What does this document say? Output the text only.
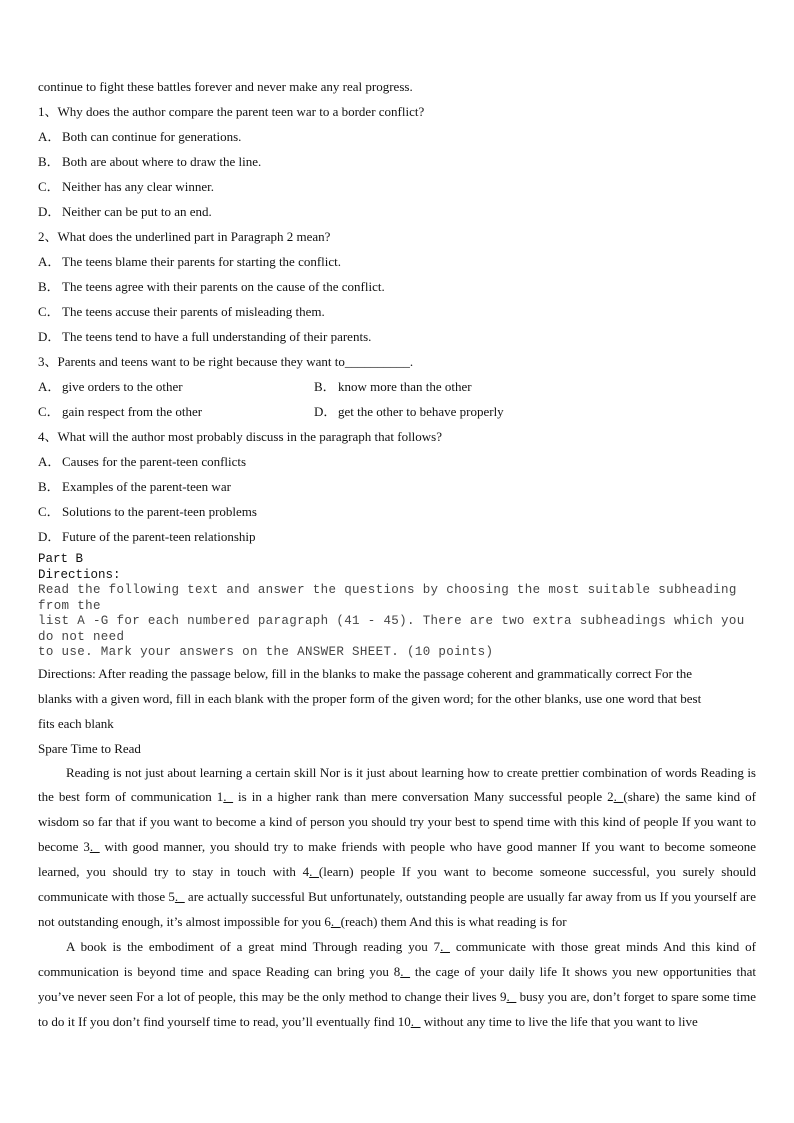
continue to fight these battles forever and never make any real progress.
1、Why does the author compare the parent teen war to a border conflict?
A． Both can continue for generations.
B． Both are about where to draw the line.
C． Neither has any clear winner.
D． Neither can be put to an end.
2、What does the underlined part in Paragraph 2 mean?
A． The teens blame their parents for starting the conflict.
B． The teens agree with their parents on the cause of the conflict.
C． The teens accuse their parents of misleading them.
D． The teens tend to have a full understanding of their parents.
3、Parents and teens want to be right because they want to__________.
A． give orders to the other	B． know more than the other
C． gain respect from the other	D． get the other to behave properly
4、What will the author most probably discuss in the paragraph that follows?
A． Causes for the parent-teen conflicts
B． Examples of the parent-teen war
C． Solutions to the parent-teen problems
D． Future of the parent-teen relationship
Part B
Directions:
Read the following text and answer the questions by choosing the most suitable subheading from the
list A -G for each numbered paragraph (41 - 45). There are two extra subheadings which you do not need
to use. Mark your answers on the ANSWER SHEET. (10 points)
Directions: After reading the passage below, fill in the blanks to make the passage coherent and grammatically correct For the
blanks with a given word, fill in each blank with the proper form of the given word; for the other blanks, use one word that best
fits each blank
Spare Time to Read
Reading is not just about learning a certain skill Nor is it just about learning how to create prettier combination of words Reading is the best form of communication 1._ is in a higher rank than mere conversation Many successful people 2._(share) the same kind of wisdom so far that if you want to become a kind of person you should try your best to spend time with this kind of people If you want to become 3._ with good manner, you should try to make friends with people who have good manner If you want to become someone learned, you should try to stay in touch with 4._(learn) people If you want to become someone successful, you surely should communicate with those 5._ are actually successful But unfortunately, outstanding people are usually far away from us If you yourself are not outstanding enough, it’s almost impossible for you 6._(reach) them And this is what reading is for
A book is the embodiment of a great mind Through reading you 7._ communicate with those great minds And this kind of communication is beyond time and space Reading can bring you 8._ the cage of your daily life It shows you new opportunities that you’ve never seen For a lot of people, this may be the only method to change their lives 9._ busy you are, don’t forget to spare some time to do it If you don’t find yourself time to read, you’ll eventually find 10._ without any time to live the life that you want to live
